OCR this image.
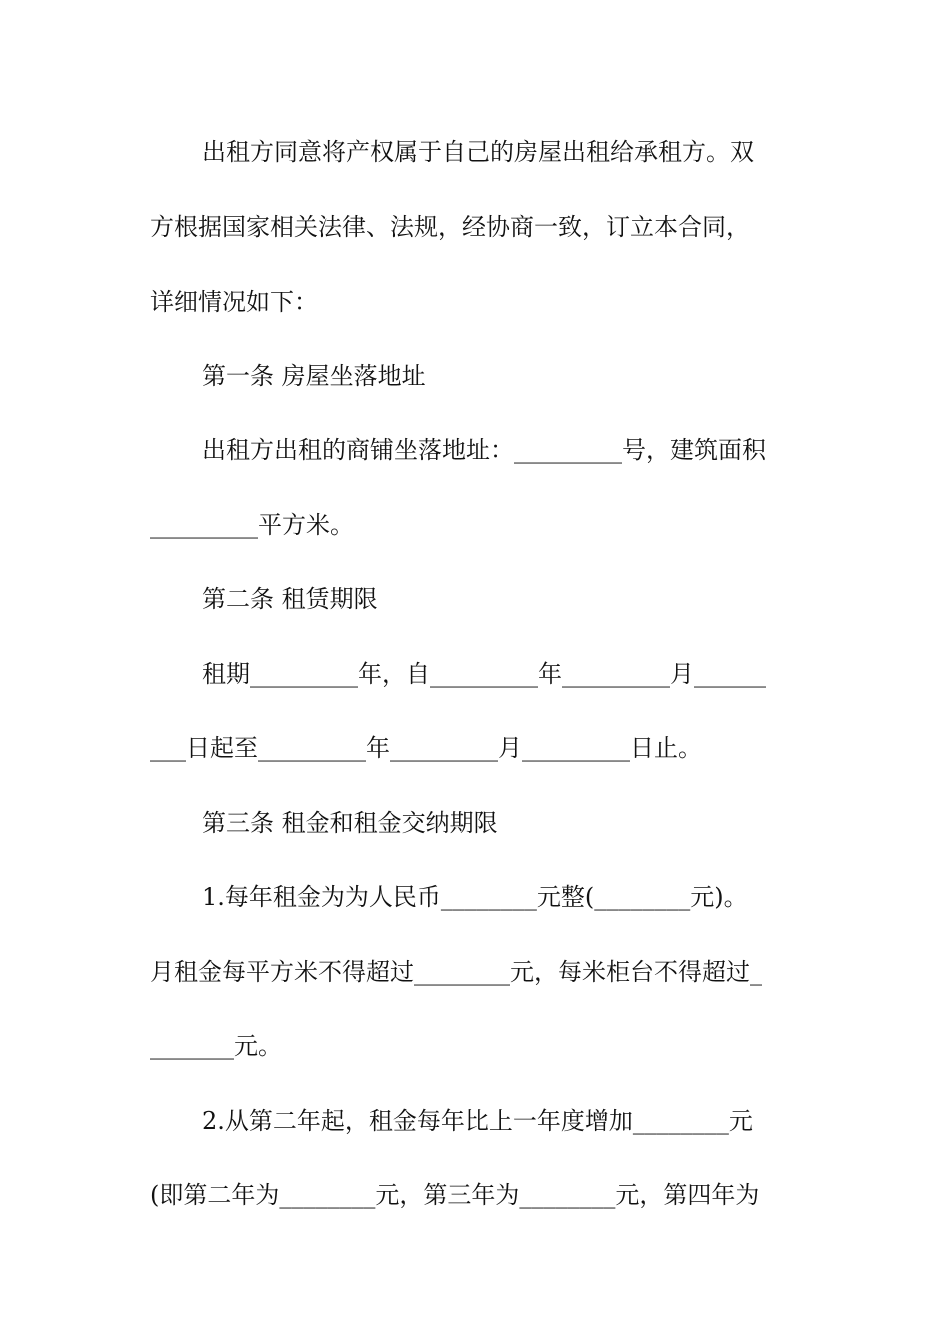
出租方同意将产权属于自己的房屋出租给承租方。双
方根据国家相关法律、法规，经协商一致，订立本合同，
详细情况如下：
第一条 房屋坐落地址
出租方出租的商铺坐落地址：_________号，建筑面积
_________平方米。
第二条 租赁期限
租期_________年，自_________年_________月______
___日起至_________年_________月_________日止。
第三条 租金和租金交纳期限
1.每年租金为为人民币________元整(________元)。
月租金每平方米不得超过________元，每米柜台不得超过_
_______元。
2.从第二年起，租金每年比上一年度增加________元
(即第二年为________元，第三年为________元，第四年为
